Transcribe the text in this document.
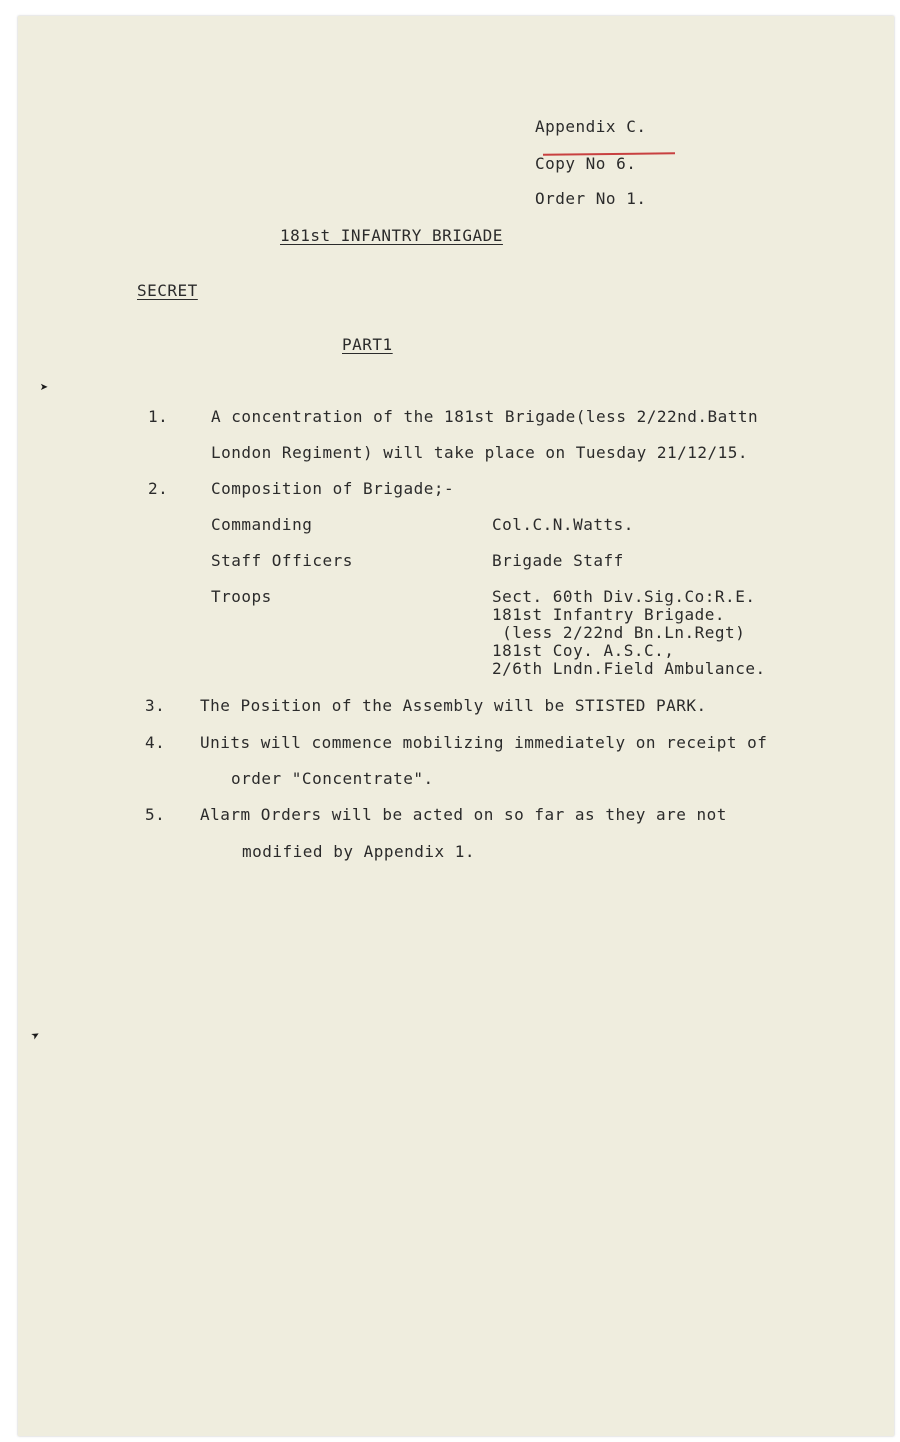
Appendix C.
Copy No 6.
Order No 1.
181st INFANTRY BRIGADE
SECRET
PART1
1.	A concentration of the 181st Brigade(less 2/22nd.Battn
London Regiment) will take place on Tuesday 21/12/15.
2.	Composition of Brigade;-
Commanding	Col.C.N.Watts.
Staff Officers	Brigade Staff
Troops	Sect. 60th Div.Sig.Co:R.E.
181st Infantry Brigade.
(less 2/22nd Bn.Ln.Regt)
181st Coy. A.S.C.,
2/6th Lndn.Field Ambulance.
3. The Position of the Assembly will be STISTED PARK.
4. Units will commence mobilizing immediately on receipt of
order "Concentrate".
5. Alarm Orders will be acted on so far as they are not
modified by Appendix 1.
➤
➤
